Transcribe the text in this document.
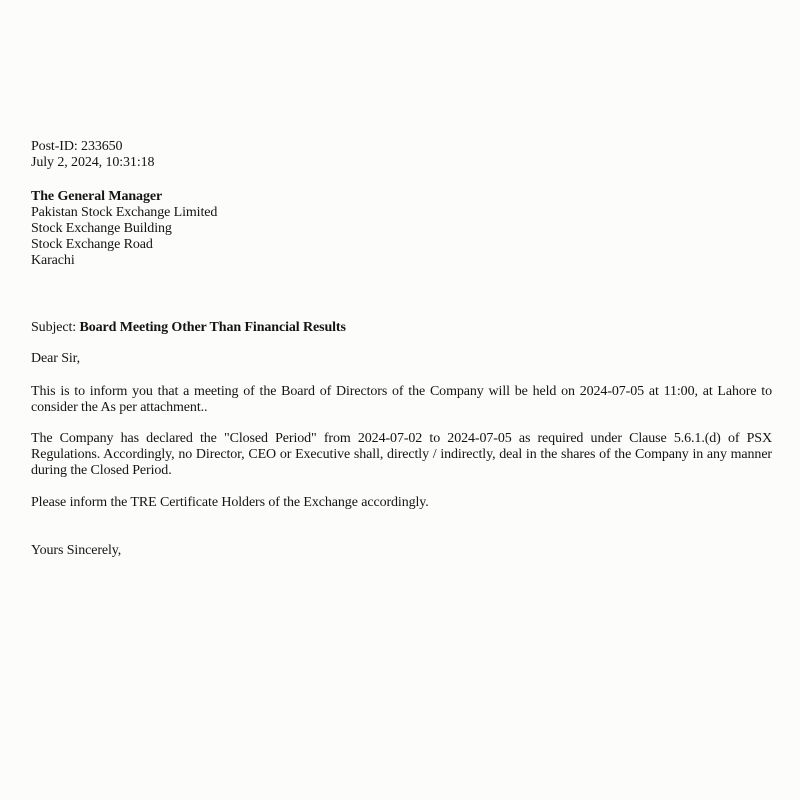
Post-ID: 233650
July 2, 2024, 10:31:18
The General Manager
Pakistan Stock Exchange Limited
Stock Exchange Building
Stock Exchange Road
Karachi
Subject: Board Meeting Other Than Financial Results
Dear Sir,

This is to inform you that a meeting of the Board of Directors of the Company will be held on 2024-07-05 at 11:00, at Lahore to consider the As per attachment..

The Company has declared the "Closed Period" from 2024-07-02 to 2024-07-05 as required under Clause 5.6.1.(d) of PSX Regulations. Accordingly, no Director, CEO or Executive shall, directly / indirectly, deal in the shares of the Company in any manner during the Closed Period.

Please inform the TRE Certificate Holders of the Exchange accordingly.

Yours Sincerely,
